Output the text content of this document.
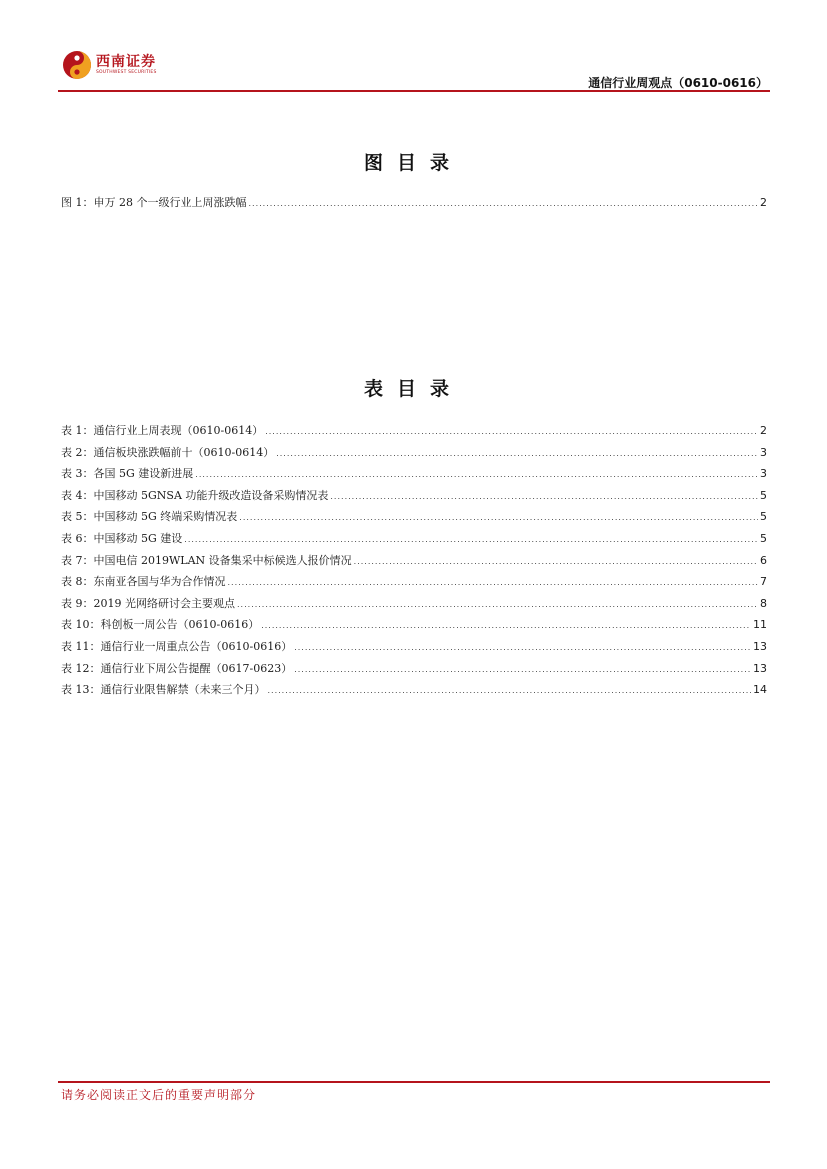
西南证券
SOUTHWEST SECURITIES
通信行业周观点（0610-0616）
图目录
图 1：申万 28 个一级行业上周涨跌幅 .....	2
表目录
表 1：通信行业上周表现（0610-0614） .....	2
表 2：通信板块涨跌幅前十（0610-0614） .....	3
表 3：各国 5G 建设新进展 .....	3
表 4：中国移动 5GNSA 功能升级改造设备采购情况表 .....	5
表 5：中国移动 5G 终端采购情况表 .....	5
表 6：中国移动 5G 建设 .....	5
表 7：中国电信 2019WLAN 设备集采中标候选人报价情况 .....	6
表 8：东南亚各国与华为合作情况 .....	7
表 9：2019 光网络研讨会主要观点 .....	8
表 10：科创板一周公告（0610-0616） .....	11
表 11：通信行业一周重点公告（0610-0616） .....	13
表 12：通信行业下周公告提醒（0617-0623） .....	13
表 13：通信行业限售解禁（未来三个月） .....	14
请务必阅读正文后的重要声明部分
